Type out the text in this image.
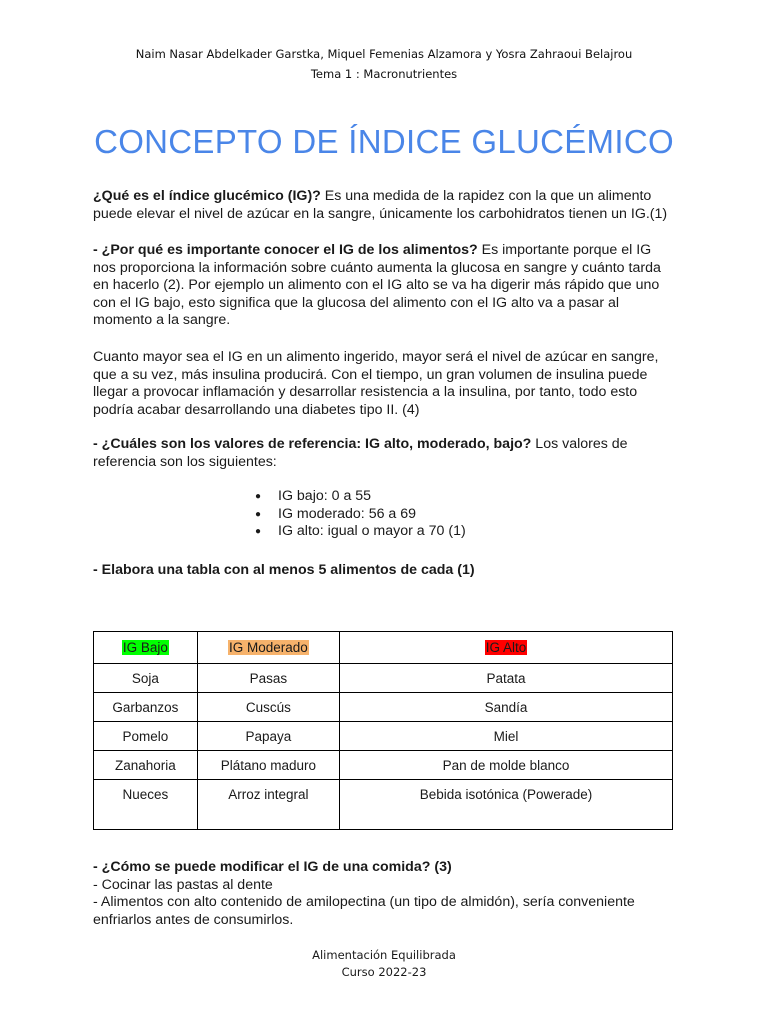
Naim Nasar Abdelkader Garstka, Miquel Femenias Alzamora y Yosra Zahraoui Belajrou
Tema 1 : Macronutrientes
CONCEPTO DE ÍNDICE GLUCÉMICO

¿Qué es el índice glucémico (IG)? Es una medida de la rapidez con la que un alimento puede elevar el nivel de azúcar en la sangre, únicamente los carbohidratos tienen un IG.(1)

- ¿Por qué es importante conocer el IG de los alimentos? Es importante porque el IG nos proporciona la información sobre cuánto aumenta la glucosa en sangre y cuánto tarda en hacerlo (2). Por ejemplo un alimento con el IG alto se va ha digerir más rápido que uno con el IG bajo, esto significa que la glucosa del alimento con el IG alto va a pasar al momento a la sangre.

Cuanto mayor sea el IG en un alimento ingerido, mayor será el nivel de azúcar en sangre, que a su vez, más insulina producirá. Con el tiempo, un gran volumen de insulina puede llegar a provocar inflamación y desarrollar resistencia a la insulina, por tanto, todo esto podría acabar desarrollando una diabetes tipo II. (4)

- ¿Cuáles son los valores de referencia: IG alto, moderado, bajo? Los valores de referencia son los siguientes:

● IG bajo: 0 a 55
● IG moderado: 56 a 69
● IG alto: igual o mayor a 70 (1)

- Elabora una tabla con al menos 5 alimentos de cada (1)

IG Bajo	IG Moderado	IG Alto
Soja	Pasas	Patata
Garbanzos	Cuscús	Sandía
Pomelo	Papaya	Miel
Zanahoria	Plátano maduro	Pan de molde blanco
Nueces	Arroz integral	Bebida isotónica (Powerade)
- ¿Cómo se puede modificar el IG de una comida? (3)
- Cocinar las pastas al dente
- Alimentos con alto contenido de amilopectina (un tipo de almidón), sería conveniente enfriarlos antes de consumirlos.
Alimentación Equilibrada
Curso 2022-23
